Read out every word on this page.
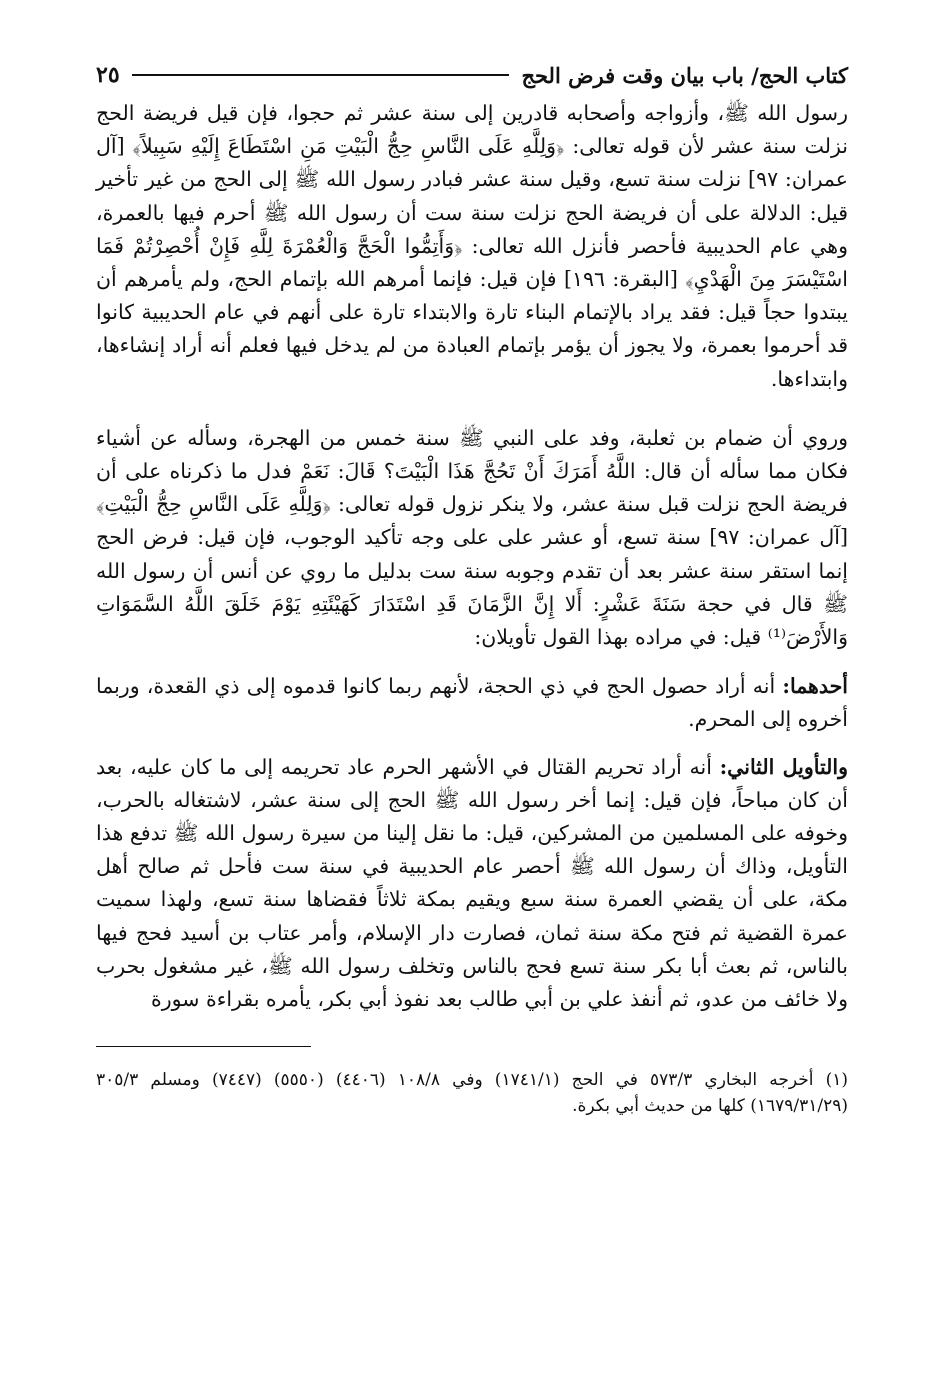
كتاب الحج/ باب بيان وقت فرض الحج
٢٥

رسول الله ﷺ، وأزواجه وأصحابه قادرين إلى سنة عشر ثم حجوا، فإن قيل فريضة الحج نزلت سنة عشر لأن قوله تعالى: ﴿وَلِلَّهِ عَلَى النَّاسِ حِجُّ الْبَيْتِ مَنِ اسْتَطَاعَ إِلَيْهِ سَبِيلاً﴾ [آل عمران: ٩٧] نزلت سنة تسع، وقيل سنة عشر فبادر رسول الله ﷺ إلى الحج من غير تأخير قيل: الدلالة على أن فريضة الحج نزلت سنة ست أن رسول الله ﷺ أحرم فيها بالعمرة، وهي عام الحديبية فأحصر فأنزل الله تعالى: ﴿وَأَتِمُّوا الْحَجَّ وَالْعُمْرَةَ لِلَّهِ فَإِنْ أُحْصِرْتُمْ فَمَا اسْتَيْسَرَ مِنَ الْهَدْيِ﴾ [البقرة: ١٩٦] فإن قيل: فإنما أمرهم الله بإتمام الحج، ولم يأمرهم أن يبتدوا حجاً قيل: فقد يراد بالإتمام البناء تارة والابتداء تارة على أنهم في عام الحديبية كانوا قد أحرموا بعمرة، ولا يجوز أن يؤمر بإتمام العبادة من لم يدخل فيها فعلم أنه أراد إنشاءها، وابتداءها.

وروي أن ضمام بن ثعلبة، وفد على النبي ﷺ سنة خمس من الهجرة، وسأله عن أشياء فكان مما سأله أن قال: اللَّهُ أَمَرَكَ أَنْ تَحُجَّ هَذَا الْبَيْتَ؟ قَالَ: نَعَمْ فدل ما ذكرناه على أن فريضة الحج نزلت قبل سنة عشر، ولا ينكر نزول قوله تعالى: ﴿وَلِلَّهِ عَلَى النَّاسِ حِجُّ الْبَيْتِ﴾ [آل عمران: ٩٧] سنة تسع، أو عشر على على وجه تأكيد الوجوب، فإن قيل: فرض الحج إنما استقر سنة عشر بعد أن تقدم وجوبه سنة ست بدليل ما روي عن أنس أن رسول الله ﷺ قال في حجة سَنَةَ عَشْرٍ: أَلا إِنَّ الزَّمَانَ قَدِ اسْتَدَارَ كَهَيْئَتِهِ يَوْمَ خَلَقَ اللَّهُ السَّمَوَاتِ وَالأَرْضَ⁽¹⁾ قيل: في مراده بهذا القول تأويلان:

أحدهما: أنه أراد حصول الحج في ذي الحجة، لأنهم ربما كانوا قدموه إلى ذي القعدة، وربما أخروه إلى المحرم.

والتأويل الثاني: أنه أراد تحريم القتال في الأشهر الحرم عاد تحريمه إلى ما كان عليه، بعد أن كان مباحاً، فإن قيل: إنما أخر رسول الله ﷺ الحج إلى سنة عشر، لاشتغاله بالحرب، وخوفه على المسلمين من المشركين، قيل: ما نقل إلينا من سيرة رسول الله ﷺ تدفع هذا التأويل، وذاك أن رسول الله ﷺ أحصر عام الحديبية في سنة ست فأحل ثم صالح أهل مكة، على أن يقضي العمرة سنة سبع ويقيم بمكة ثلاثاً فقضاها سنة تسع، ولهذا سميت عمرة القضية ثم فتح مكة سنة ثمان، فصارت دار الإسلام، وأمر عتاب بن أسيد فحج فيها بالناس، ثم بعث أبا بكر سنة تسع فحج بالناس وتخلف رسول الله ﷺ، غير مشغول بحرب ولا خائف من عدو، ثم أنفذ علي بن أبي طالب بعد نفوذ أبي بكر، يأمره بقراءة سورة

(١) أخرجه البخاري ٥٧٣/٣ في الحج (١٧٤١/١) وفي ١٠٨/٨ (٤٤٠٦) (٥٥٥٠) (٧٤٤٧) ومسلم ٣٠٥/٣ (١٦٧٩/٣١/٢٩) كلها من حديث أبي بكرة.
